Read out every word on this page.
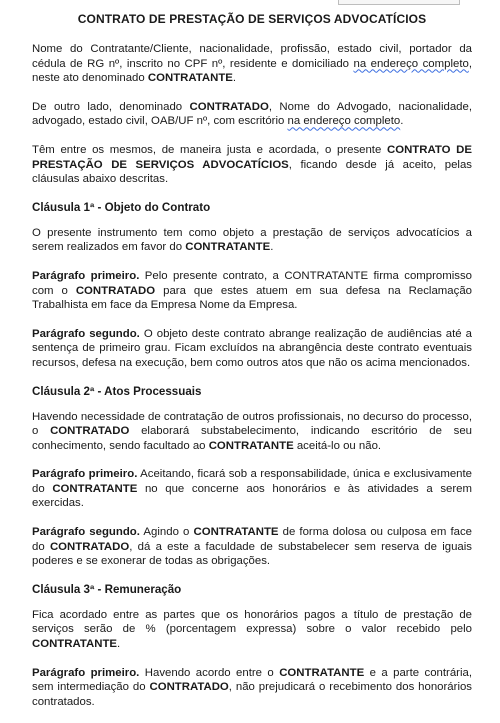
CONTRATO DE PRESTAÇÃO DE SERVIÇOS ADVOCATÍCIOS

Nome do Contratante/Cliente, nacionalidade, profissão, estado civil, portador da cédula de RG nº, inscrito no CPF nº, residente e domiciliado na endereço completo, neste ato denominado CONTRATANTE.

De outro lado, denominado CONTRATADO, Nome do Advogado, nacionalidade, advogado, estado civil, OAB/UF nº, com escritório na endereço completo.

Têm entre os mesmos, de maneira justa e acordada, o presente CONTRATO DE PRESTAÇÃO DE SERVIÇOS ADVOCATÍCIOS, ficando desde já aceito, pelas cláusulas abaixo descritas.

Cláusula 1ª - Objeto do Contrato

O presente instrumento tem como objeto a prestação de serviços advocatícios a serem realizados em favor do CONTRATANTE.

Parágrafo primeiro. Pelo presente contrato, a CONTRATANTE firma compromisso com o CONTRATADO para que estes atuem em sua defesa na Reclamação Trabalhista em face da Empresa Nome da Empresa.

Parágrafo segundo. O objeto deste contrato abrange realização de audiências até a sentença de primeiro grau. Ficam excluídos na abrangência deste contrato eventuais recursos, defesa na execução, bem como outros atos que não os acima mencionados.

Cláusula 2ª - Atos Processuais

Havendo necessidade de contratação de outros profissionais, no decurso do processo, o CONTRATADO elaborará substabelecimento, indicando escritório de seu conhecimento, sendo facultado ao CONTRATANTE aceitá-lo ou não.

Parágrafo primeiro. Aceitando, ficará sob a responsabilidade, única e exclusivamente do CONTRATANTE no que concerne aos honorários e às atividades a serem exercidas.

Parágrafo segundo. Agindo o CONTRATANTE de forma dolosa ou culposa em face do CONTRATADO, dá a este a faculdade de substabelecer sem reserva de iguais poderes e se exonerar de todas as obrigações.

Cláusula 3ª - Remuneração

Fica acordado entre as partes que os honorários pagos a título de prestação de serviços serão de % (porcentagem expressa) sobre o valor recebido pelo CONTRATANTE.

Parágrafo primeiro. Havendo acordo entre o CONTRATANTE e a parte contrária, sem intermediação do CONTRATADO, não prejudicará o recebimento dos honorários contratados.
